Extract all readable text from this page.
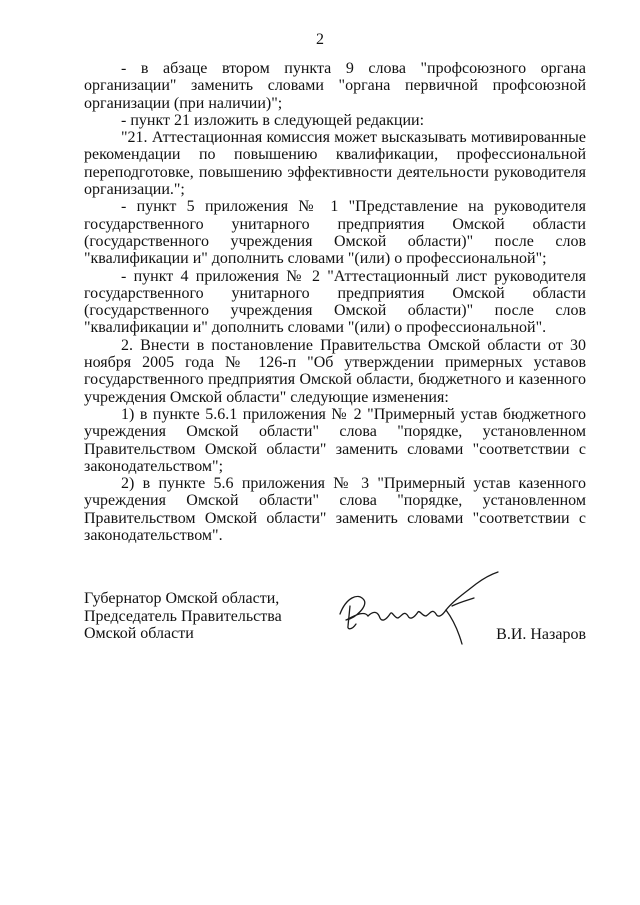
2

- в абзаце втором пункта 9 слова "профсоюзного органа организации" заменить словами "органа первичной профсоюзной организации (при наличии)";

- пункт 21 изложить в следующей редакции:

"21. Аттестационная комиссия может высказывать мотивированные рекомендации по повышению квалификации, профессиональной переподготовке, повышению эффективности деятельности руководителя организации.";

- пункт 5 приложения № 1 "Представление на руководителя государственного унитарного предприятия Омской области (государственного учреждения Омской области)" после слов "квалификации и" дополнить словами "(или) о профессиональной";

- пункт 4 приложения № 2 "Аттестационный лист руководителя государственного унитарного предприятия Омской области (государственного учреждения Омской области)" после слов "квалификации и" дополнить словами "(или) о профессиональной".

2. Внести в постановление Правительства Омской области от 30 ноября 2005 года № 126-п "Об утверждении примерных уставов государственного предприятия Омской области, бюджетного и казенного учреждения Омской области" следующие изменения:

1) в пункте 5.6.1 приложения № 2 "Примерный устав бюджетного учреждения Омской области" слова "порядке, установленном Правительством Омской области" заменить словами "соответствии с законодательством";

2) в пункте 5.6 приложения № 3 "Примерный устав казенного учреждения Омской области" слова "порядке, установленном Правительством Омской области" заменить словами "соответствии с законодательством".

Губернатор Омской области,
Председатель Правительства
Омской области	В.И. Назаров
